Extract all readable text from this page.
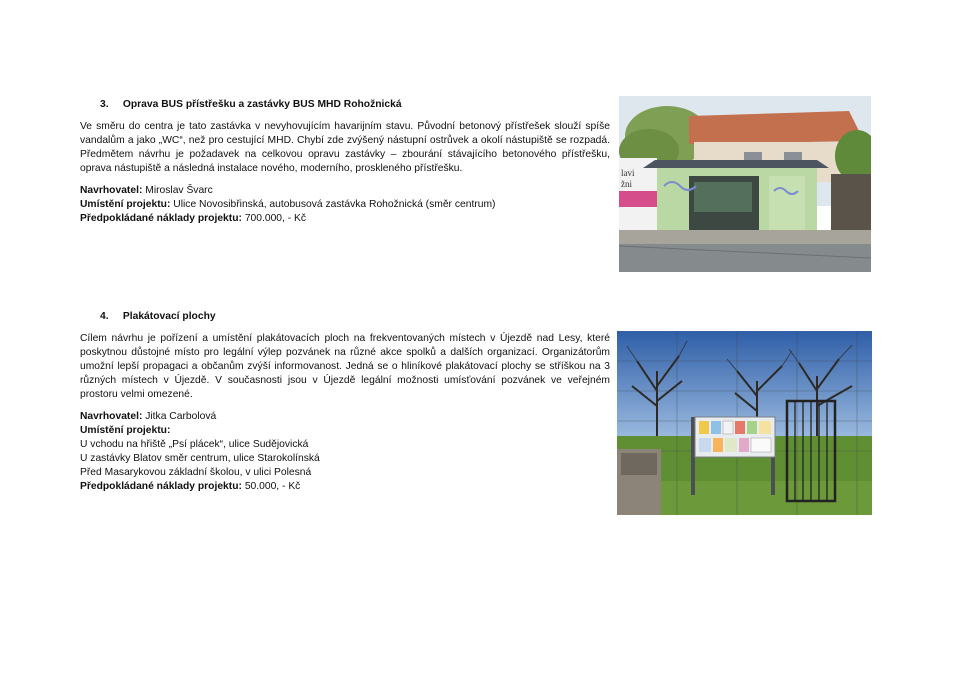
3. Oprava BUS přístřešku a zastávky BUS MHD Rohožnická

Ve směru do centra je tato zastávka v nevyhovujícím havarijním stavu. Původní betonový přístřešek slouží spíše vandalům a jako „WC“, než pro cestující MHD. Chybí zde zvýšený nástupní ostrůvek a okolí nástupiště se rozpadá. Předmětem návrhu je požadavek na celkovou opravu zastávky – zbourání stávajícího betonového přístřešku, oprava nástupiště a následná instalace nového, moderního, proskleného přístřešku.

Navrhovatel: Miroslav Švarc

Umístění projektu: Ulice Novosibřinská, autobusová zastávka Rohožnická (směr centrum)

Předpokládané náklady projektu: 700.000, - Kč

lavi
žni

4. Plakátovací plochy

Cílem návrhu je pořízení a umístění plakátovacích ploch na frekventovaných místech v Újezdě nad Lesy, které poskytnou důstojné místo pro legální výlep pozvánek na různé akce spolků a dalších organizací. Organizátorům umožní lepší propagaci a občanům zvýší informovanost. Jedná se o hliníkové plakátovací plochy se stříškou na 3 různých místech v Újezdě. V současnosti jsou v Újezdě legální možnosti umísťování pozvánek ve veřejném prostoru velmi omezené.

Navrhovatel: Jitka Carbolová

Umístění projektu:

U vchodu na hřiště „Psí plácek“, ulice Sudějovická

U zastávky Blatov směr centrum, ulice Starokolínská

Před Masarykovou základní školou, v ulici Polesná

Předpokládané náklady projektu: 50.000, - Kč
